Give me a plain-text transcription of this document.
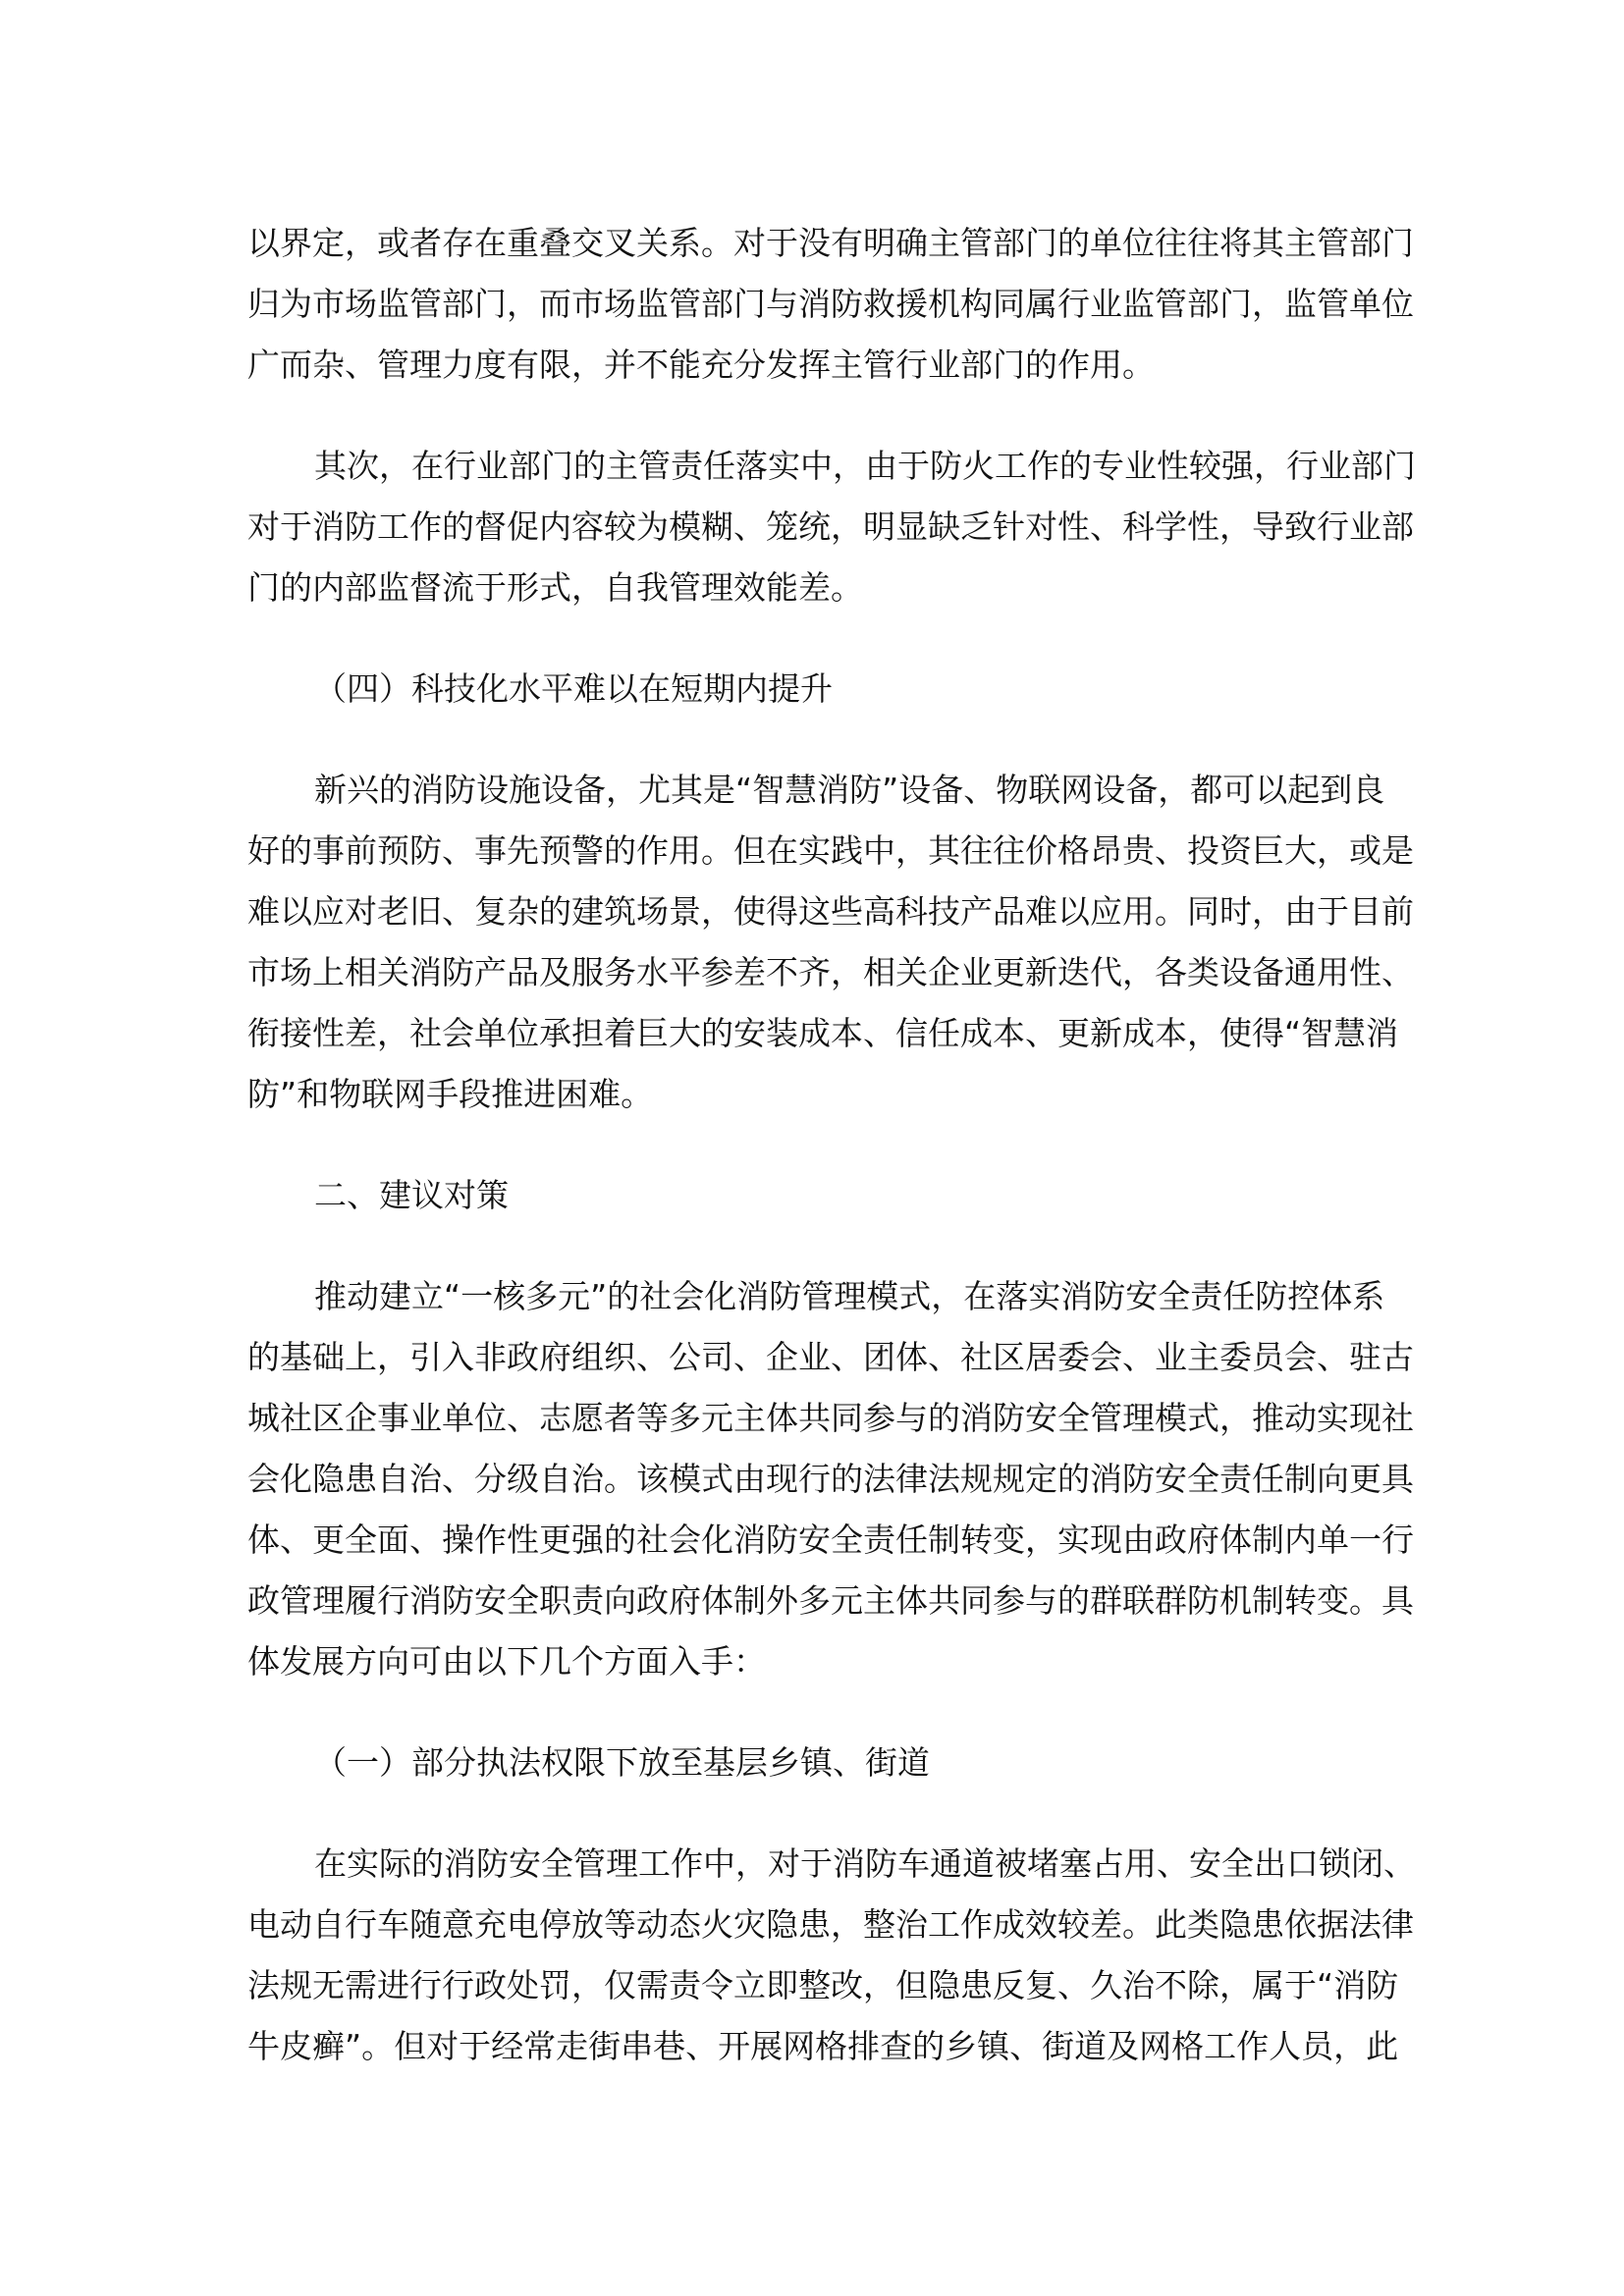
以界定，或者存在重叠交叉关系。对于没有明确主管部门的单位往往将其主管部门
归为市场监管部门，而市场监管部门与消防救援机构同属行业监管部门，监管单位
广而杂、管理力度有限，并不能充分发挥主管行业部门的作用。
其次，在行业部门的主管责任落实中，由于防火工作的专业性较强，行业部门
对于消防工作的督促内容较为模糊、笼统，明显缺乏针对性、科学性，导致行业部
门的内部监督流于形式，自我管理效能差。
（四）科技化水平难以在短期内提升
新兴的消防设施设备，尤其是“智慧消防”设备、物联网设备，都可以起到良
好的事前预防、事先预警的作用。但在实践中，其往往价格昂贵、投资巨大，或是
难以应对老旧、复杂的建筑场景，使得这些高科技产品难以应用。同时，由于目前
市场上相关消防产品及服务水平参差不齐，相关企业更新迭代，各类设备通用性、
衔接性差，社会单位承担着巨大的安装成本、信任成本、更新成本，使得“智慧消
防”和物联网手段推进困难。
二、建议对策
推动建立“一核多元”的社会化消防管理模式，在落实消防安全责任防控体系
的基础上，引入非政府组织、公司、企业、团体、社区居委会、业主委员会、驻古
城社区企事业单位、志愿者等多元主体共同参与的消防安全管理模式，推动实现社
会化隐患自治、分级自治。该模式由现行的法律法规规定的消防安全责任制向更具
体、更全面、操作性更强的社会化消防安全责任制转变，实现由政府体制内单一行
政管理履行消防安全职责向政府体制外多元主体共同参与的群联群防机制转变。具
体发展方向可由以下几个方面入手：
（一）部分执法权限下放至基层乡镇、街道
在实际的消防安全管理工作中，对于消防车通道被堵塞占用、安全出口锁闭、
电动自行车随意充电停放等动态火灾隐患，整治工作成效较差。此类隐患依据法律
法规无需进行行政处罚，仅需责令立即整改，但隐患反复、久治不除，属于“消防
牛皮癣”。但对于经常走街串巷、开展网格排查的乡镇、街道及网格工作人员，此
